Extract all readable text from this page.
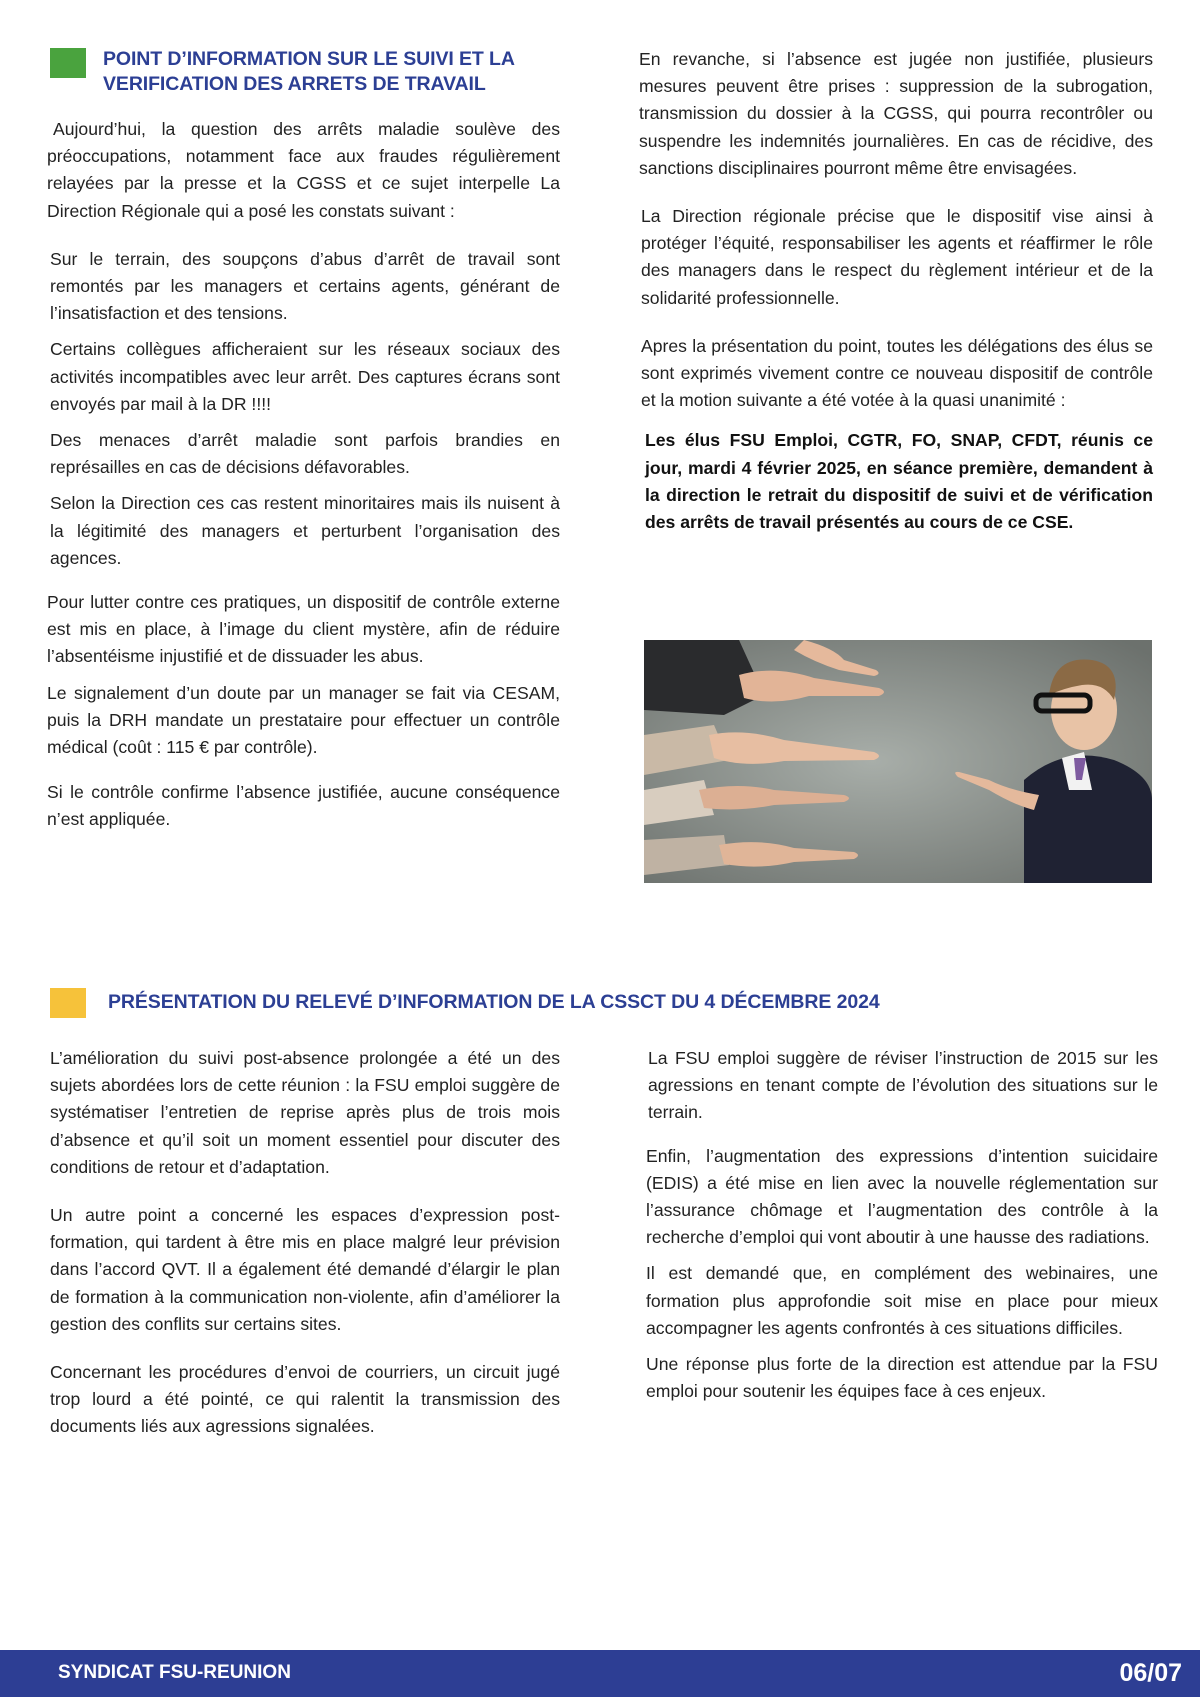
POINT D’INFORMATION SUR LE SUIVI ET LA
VERIFICATION DES ARRETS DE TRAVAIL

Aujourd’hui, la question des arrêts maladie soulève des préoccupations, notamment face aux fraudes régulièrement relayées par la presse et la CGSS et ce sujet interpelle La Direction Régionale qui a posé les constats suivant :

Sur le terrain, des soupçons d’abus d’arrêt de travail sont remontés par les managers et certains agents, générant de l’insatisfaction et des tensions.

Certains collègues afficheraient sur les réseaux sociaux des activités incompatibles avec leur arrêt. Des captures écrans sont envoyés par mail à la DR !!!!

Des menaces d’arrêt maladie sont parfois brandies en représailles en cas de décisions défavorables.

Selon la Direction ces cas restent minoritaires mais ils nuisent à la légitimité des managers et perturbent l’organisation des agences.

Pour lutter contre ces pratiques, un dispositif de contrôle externe est mis en place, à l’image du client mystère, afin de réduire l’absentéisme injustifié et de dissuader les abus.

Le signalement d’un doute par un manager se fait via CESAM, puis la DRH mandate un prestataire pour effectuer un contrôle médical (coût : 115 € par contrôle).

Si le contrôle confirme l’absence justifiée, aucune conséquence n’est appliquée.

En revanche, si l’absence est jugée non justifiée, plusieurs mesures peuvent être prises : suppression de la subrogation, transmission du dossier à la CGSS, qui pourra recontrôler ou suspendre les indemnités journalières. En cas de récidive, des sanctions disciplinaires pourront même être envisagées.

La Direction régionale précise que le dispositif vise ainsi à protéger l’équité, responsabiliser les agents et réaffirmer le rôle des managers dans le respect du règlement intérieur et de la solidarité professionnelle.

Apres la présentation du point, toutes les délégations des élus se sont exprimés vivement contre ce nouveau dispositif de contrôle et la motion suivante a été votée à la quasi unanimité :

Les élus FSU Emploi, CGTR, FO, SNAP, CFDT, réunis ce jour, mardi 4 février 2025, en séance première, demandent à la direction le retrait du dispositif de suivi et de vérification des arrêts de travail présentés au cours de ce CSE.

PRÉSENTATION DU RELEVÉ D’INFORMATION DE LA CSSCT DU 4 DÉCEMBRE 2024

L’amélioration du suivi post-absence prolongée a été un des sujets abordées lors de cette réunion : la FSU emploi suggère de systématiser l’entretien de reprise après plus de trois mois d’absence et qu’il soit un moment essentiel pour discuter des conditions de retour et d’adaptation.

Un autre point a concerné les espaces d’expression post-formation, qui tardent à être mis en place malgré leur prévision dans l’accord QVT. Il a également été demandé d’élargir le plan de formation à la communication non-violente, afin d’améliorer la gestion des conflits sur certains sites.

Concernant les procédures d’envoi de courriers, un circuit jugé trop lourd a été pointé, ce qui ralentit la transmission des documents liés aux agressions signalées.

La FSU emploi suggère de réviser l’instruction de 2015 sur les agressions en tenant compte de l’évolution des situations sur le terrain.

Enfin, l’augmentation des expressions d’intention suicidaire (EDIS) a été mise en lien avec la nouvelle réglementation sur l’assurance chômage et l’augmentation des contrôle à la recherche d’emploi qui vont aboutir à une hausse des radiations.

Il est demandé que, en complément des webinaires, une formation plus approfondie soit mise en place pour mieux accompagner les agents confrontés à ces situations difficiles.

Une réponse plus forte de la direction est attendue par la FSU emploi pour soutenir les équipes face à ces enjeux.

SYNDICAT FSU-REUNION	06/07
